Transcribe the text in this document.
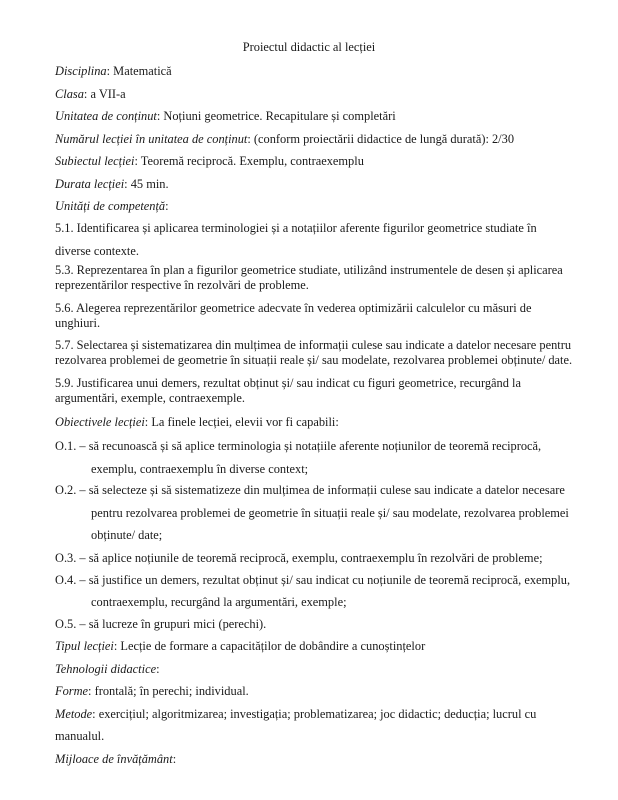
Proiectul didactic al lecției
Disciplina: Matematică
Clasa: a VII-a
Unitatea de conținut: Noțiuni geometrice. Recapitulare și completări
Numărul lecției în unitatea de conținut: (conform proiectării didactice de lungă durată): 2/30
Subiectul lecției: Teoremă reciprocă. Exemplu, contraexemplu
Durata lecției: 45 min.
Unități de competență:
5.1. Identificarea și aplicarea terminologiei și a notațiilor aferente figurilor geometrice studiate în
diverse contexte.
5.3. Reprezentarea în plan a figurilor geometrice studiate, utilizând instrumentele de desen și aplicarea
reprezentărilor respective în rezolvări de probleme.
5.6. Alegerea reprezentărilor geometrice adecvate în vederea optimizării calculelor cu măsuri de
unghiuri.
5.7. Selectarea și sistematizarea din mulțimea de informații culese sau indicate a datelor necesare pentru
rezolvarea problemei de geometrie în situații reale și/ sau modelate, rezolvarea problemei obținute/ date.
5.9. Justificarea unui demers, rezultat obținut și/ sau indicat cu figuri geometrice, recurgând la
argumentări, exemple, contraexemple.
Obiectivele lecției: La finele lecției, elevii vor fi capabili:
O.1. – să recunoască și să aplice terminologia și notațiile aferente noțiunilor de teoremă reciprocă,
exemplu, contraexemplu în diverse context;
O.2. – să selecteze și să sistematizeze din mulțimea de informații culese sau indicate a datelor necesare
pentru rezolvarea problemei de geometrie în situații reale și/ sau modelate, rezolvarea problemei
obținute/ date;
O.3. – să aplice noțiunile de teoremă reciprocă, exemplu, contraexemplu în rezolvări de probleme;
O.4. – să justifice un demers, rezultat obținut și/ sau indicat cu noțiunile de teoremă reciprocă, exemplu,
contraexemplu, recurgând la argumentări, exemple;
O.5. – să lucreze în grupuri mici (perechi).
Tipul lecției: Lecție de formare a capacităților de dobândire a cunoștințelor
Tehnologii didactice:
Forme: frontală; în perechi; individual.
Metode: exercițiul; algoritmizarea; investigația; problematizarea; joc didactic; deducția; lucrul cu
manualul.
Mijloace de învățământ:
